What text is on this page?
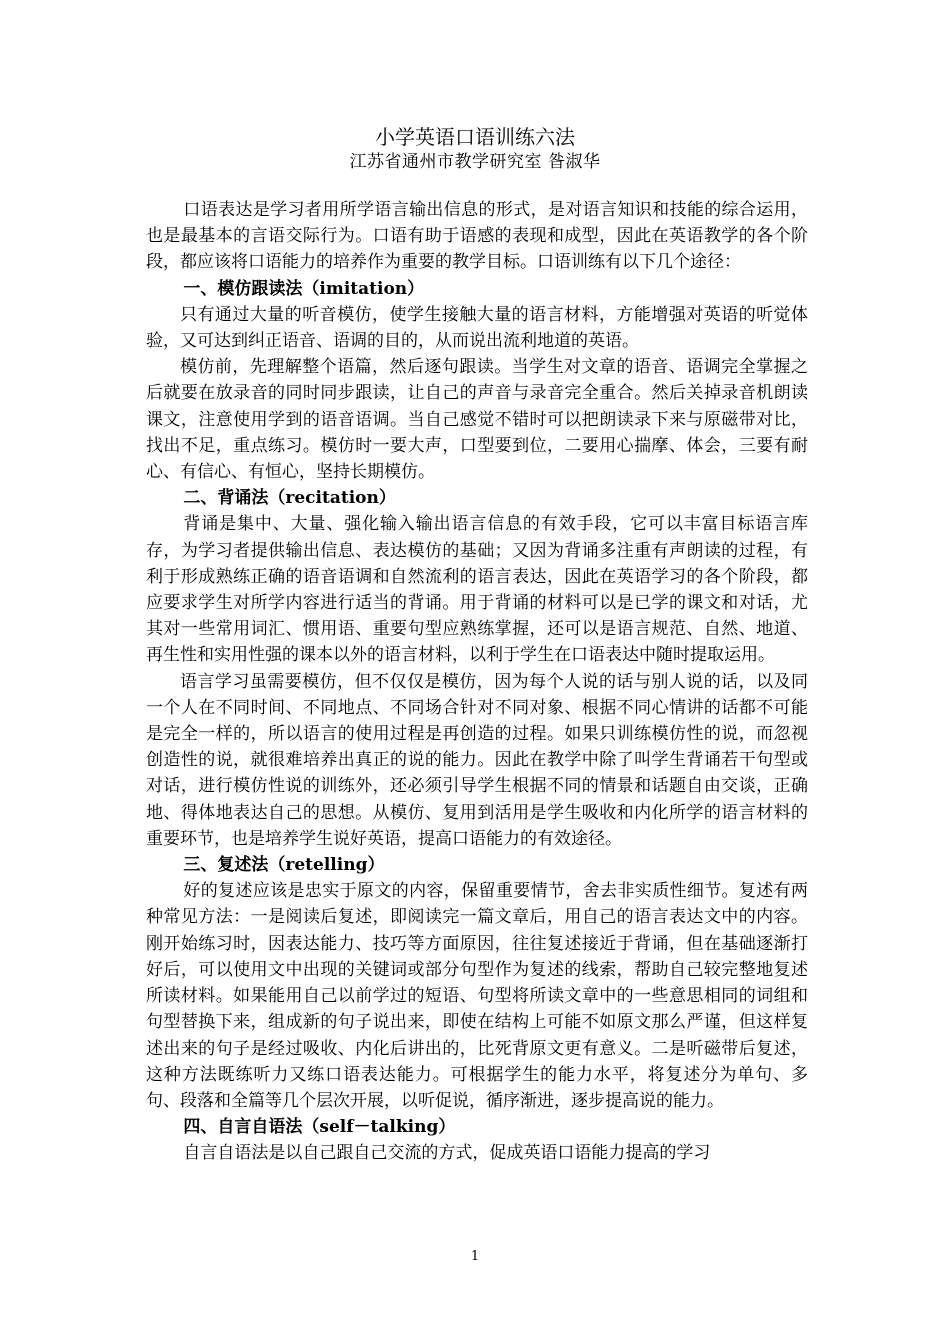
小学英语口语训练六法
江苏省通州市教学研究室 昝淑华

口语表达是学习者用所学语言输出信息的形式，是对语言知识和技能的综合运用，也是最基本的言语交际行为。口语有助于语感的表现和成型，因此在英语教学的各个阶段，都应该将口语能力的培养作为重要的教学目标。口语训练有以下几个途径：

一、模仿跟读法（imitation）

只有通过大量的听音模仿，使学生接触大量的语言材料，方能增强对英语的听觉体验，又可达到纠正语音、语调的目的，从而说出流利地道的英语。

模仿前，先理解整个语篇，然后逐句跟读。当学生对文章的语音、语调完全掌握之后就要在放录音的同时同步跟读，让自己的声音与录音完全重合。然后关掉录音机朗读课文，注意使用学到的语音语调。当自己感觉不错时可以把朗读录下来与原磁带对比，找出不足，重点练习。模仿时一要大声，口型要到位，二要用心揣摩、体会，三要有耐心、有信心、有恒心，坚持长期模仿。

二、背诵法（recitation）

背诵是集中、大量、强化输入输出语言信息的有效手段，它可以丰富目标语言库存，为学习者提供输出信息、表达模仿的基础；又因为背诵多注重有声朗读的过程，有利于形成熟练正确的语音语调和自然流利的语言表达，因此在英语学习的各个阶段，都应要求学生对所学内容进行适当的背诵。用于背诵的材料可以是已学的课文和对话，尤其对一些常用词汇、惯用语、重要句型应熟练掌握，还可以是语言规范、自然、地道、再生性和实用性强的课本以外的语言材料，以利于学生在口语表达中随时提取运用。

语言学习虽需要模仿，但不仅仅是模仿，因为每个人说的话与别人说的话，以及同一个人在不同时间、不同地点、不同场合针对不同对象、根据不同心情讲的话都不可能是完全一样的，所以语言的使用过程是再创造的过程。如果只训练模仿性的说，而忽视创造性的说，就很难培养出真正的说的能力。因此在教学中除了叫学生背诵若干句型或对话，进行模仿性说的训练外，还必须引导学生根据不同的情景和话题自由交谈，正确地、得体地表达自己的思想。从模仿、复用到活用是学生吸收和内化所学的语言材料的重要环节，也是培养学生说好英语，提高口语能力的有效途径。

三、复述法（retelling）

好的复述应该是忠实于原文的内容，保留重要情节，舍去非实质性细节。复述有两种常见方法：一是阅读后复述，即阅读完一篇文章后，用自己的语言表达文中的内容。刚开始练习时，因表达能力、技巧等方面原因，往往复述接近于背诵，但在基础逐渐打好后，可以使用文中出现的关键词或部分句型作为复述的线索，帮助自己较完整地复述所读材料。如果能用自己以前学过的短语、句型将所读文章中的一些意思相同的词组和句型替换下来，组成新的句子说出来，即使在结构上可能不如原文那么严谨，但这样复述出来的句子是经过吸收、内化后讲出的，比死背原文更有意义。二是听磁带后复述，这种方法既练听力又练口语表达能力。可根据学生的能力水平，将复述分为单句、多句、段落和全篇等几个层次开展，以听促说，循序渐进，逐步提高说的能力。

四、自言自语法（self－talking）

自言自语法是以自己跟自己交流的方式，促成英语口语能力提高的学习

1
